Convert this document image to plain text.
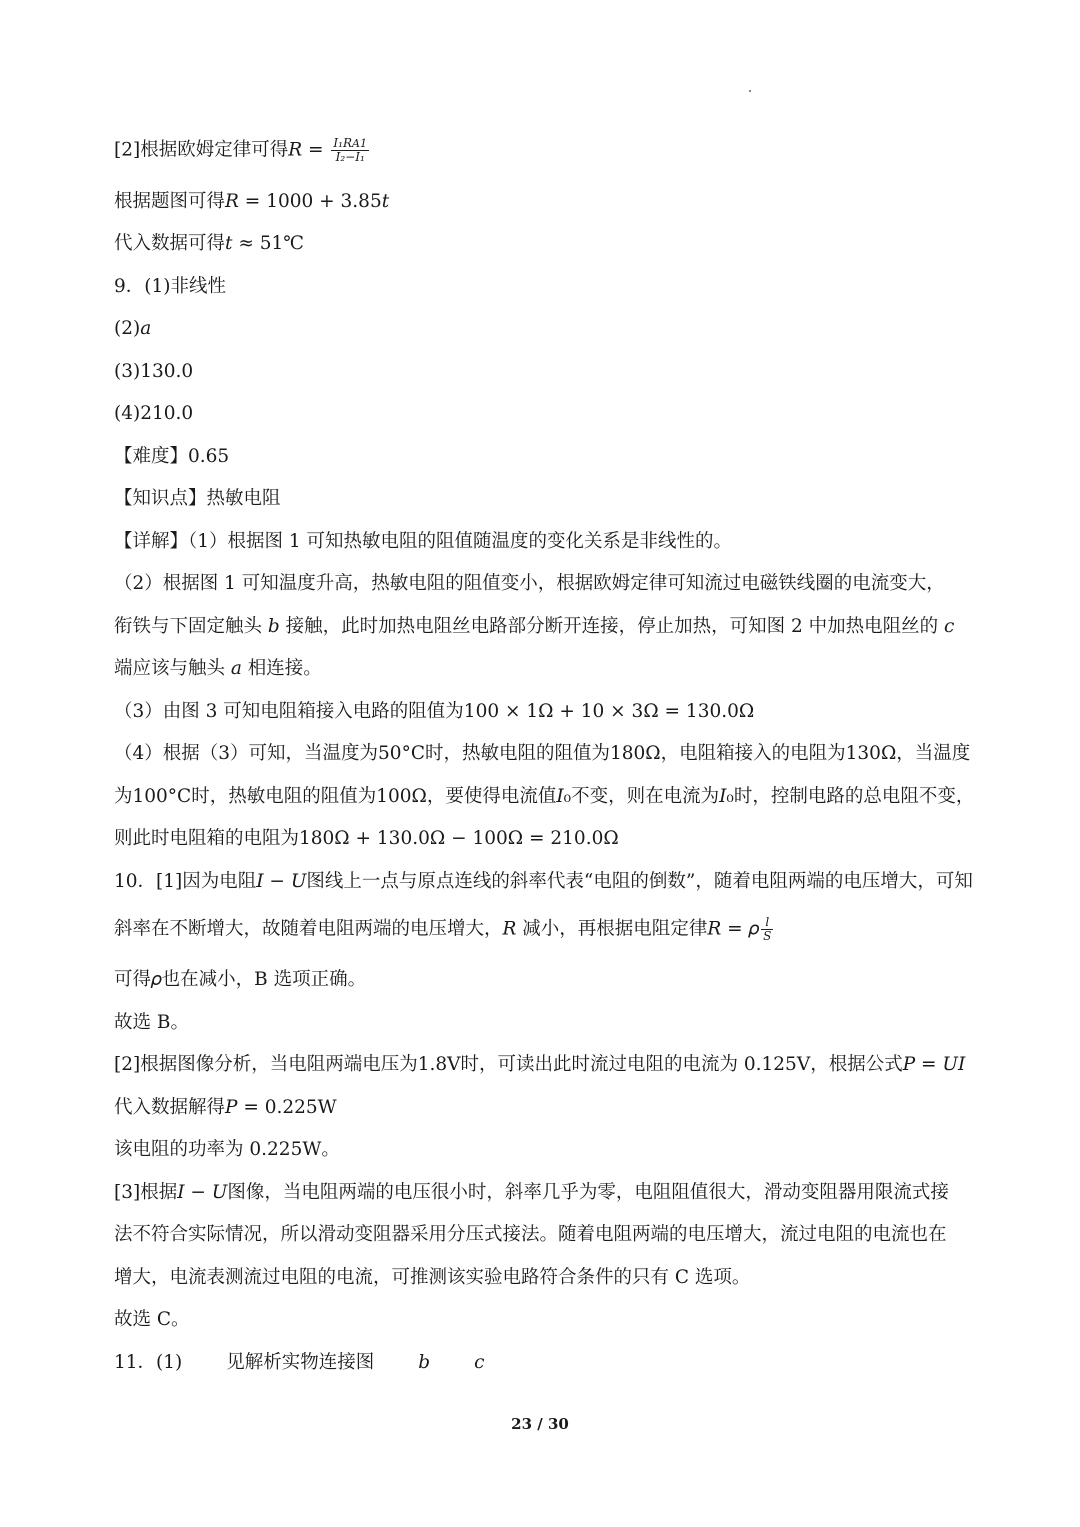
[2]根据欧姆定律可得$R = \frac{\text{I₁RA1}}{\text{I₂−I₁}}$
根据题图可得𝑅 = 1000 + 3.85𝑡
代入数据可得𝑡 ≈ 51℃
9．(1)非线性
(2)𝑎
(3)130.0
(4)210.0
【难度】0.65
【知识点】热敏电阻
【详解】（1）根据图 1 可知热敏电阻的阻值随温度的变化关系是非线性的。
（2）根据图 1 可知温度升高，热敏电阻的阻值变小，根据欧姆定律可知流过电磁铁线圈的电流变大，
衔铁与下固定触头 𝑏 接触，此时加热电阻丝电路部分断开连接，停止加热，可知图 2 中加热电阻丝的 𝑐
端应该与触头 𝑎 相连接。
（3）由图 3 可知电阻箱接入电路的阻值为100 × 1Ω + 10 × 3Ω = 130.0Ω
（4）根据（3）可知，当温度为50°C时，热敏电阻的阻值为180Ω，电阻箱接入的电阻为130Ω，当温度
为100°C时，热敏电阻的阻值为100Ω，要使得电流值𝐼₀不变，则在电流为𝐼₀时，控制电路的总电阻不变，
则此时电阻箱的电阻为180Ω + 130.0Ω − 100Ω = 210.0Ω
10．[1]因为电阻𝐼 − 𝑈图线上一点与原点连线的斜率代表“电阻的倒数”，随着电阻两端的电压增大，可知
斜率在不断增大，故随着电阻两端的电压增大，𝑅 减小，再根据电阻定律𝑅 = 𝜌 $\frac{l}{S}$
可得𝜌也在减小，B 选项正确。
故选 B。
[2]根据图像分析，当电阻两端电压为1.8V时，可读出此时流过电阻的电流为 0.125V，根据公式𝑃 = 𝑈𝐼
代入数据解得𝑃 = 0.225W
该电阻的功率为 0.225W。
[3]根据𝐼 − 𝑈图像，当电阻两端的电压很小时，斜率几乎为零，电阻阻值很大，滑动变阻器用限流式接
法不符合实际情况，所以滑动变阻器采用分压式接法。随着电阻两端的电压增大，流过电阻的电流也在
增大，电流表测流过电阻的电流，可推测该实验电路符合条件的只有 C 选项。
故选 C。
11．(1) 见解析实物连接图 𝑏 𝑐
23 / 30
